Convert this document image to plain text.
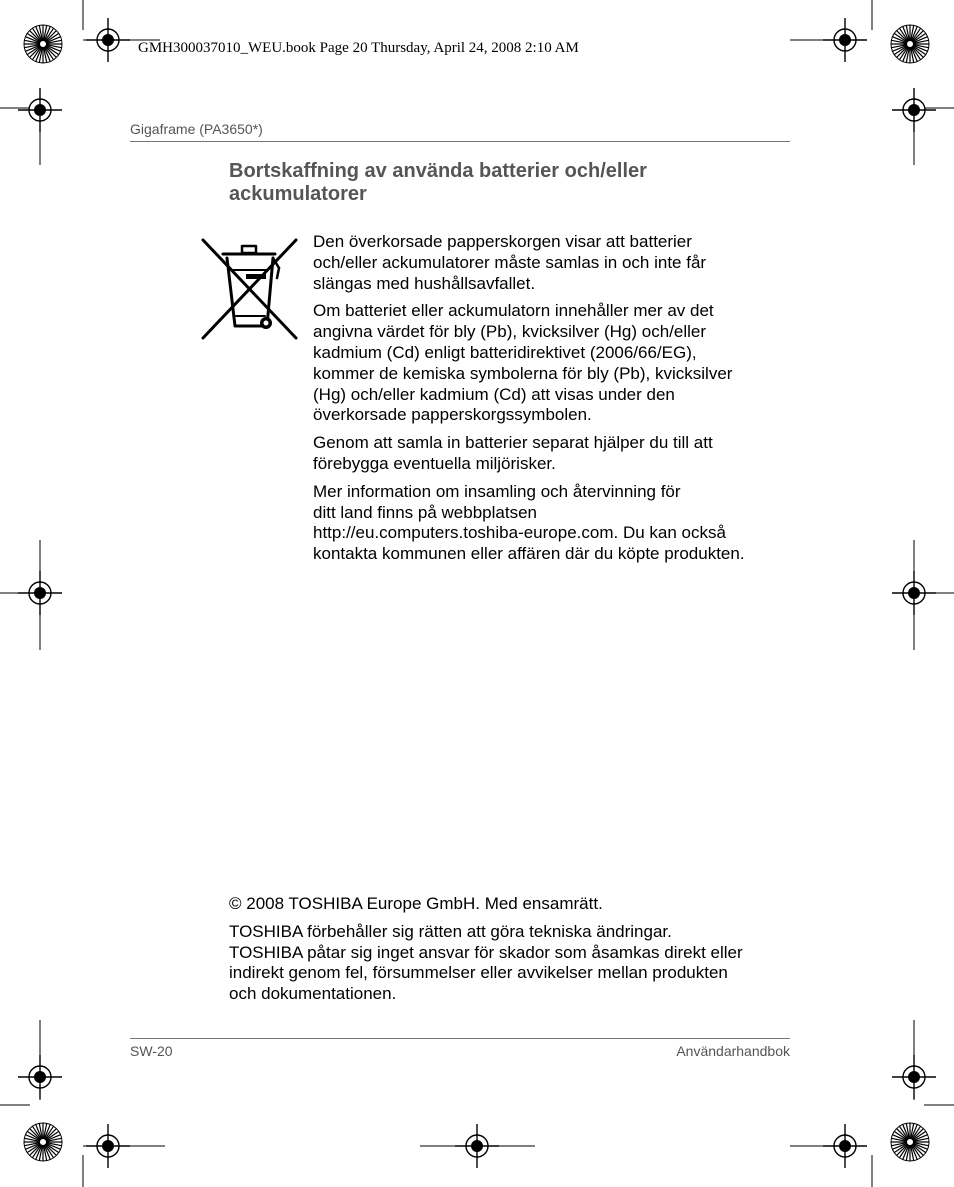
GMH300037010_WEU.book Page 20 Thursday, April 24, 2008 2:10 AM
Gigaframe (PA3650*)
Bortskaffning av använda batterier och/eller
ackumulatorer

Den överkorsade papperskorgen visar att batterier
och/eller ackumulatorer måste samlas in och inte får
slängas med hushållsavfallet.

Om batteriet eller ackumulatorn innehåller mer av det
angivna värdet för bly (Pb), kvicksilver (Hg) och/eller
kadmium (Cd) enligt batteridirektivet (2006/66/EG),
kommer de kemiska symbolerna för bly (Pb), kvicksilver
(Hg) och/eller kadmium (Cd) att visas under den
överkorsade papperskorgssymbolen.

Genom att samla in batterier separat hjälper du till att
förebygga eventuella miljörisker.

Mer information om insamling och återvinning för
ditt land finns på webbplatsen
http://eu.computers.toshiba-europe.com. Du kan också
kontakta kommunen eller affären där du köpte produkten.

© 2008 TOSHIBA Europe GmbH. Med ensamrätt.

TOSHIBA förbehåller sig rätten att göra tekniska ändringar.
TOSHIBA påtar sig inget ansvar för skador som åsamkas direkt eller
indirekt genom fel, försummelser eller avvikelser mellan produkten
och dokumentationen.

SW-20	Användarhandbok
